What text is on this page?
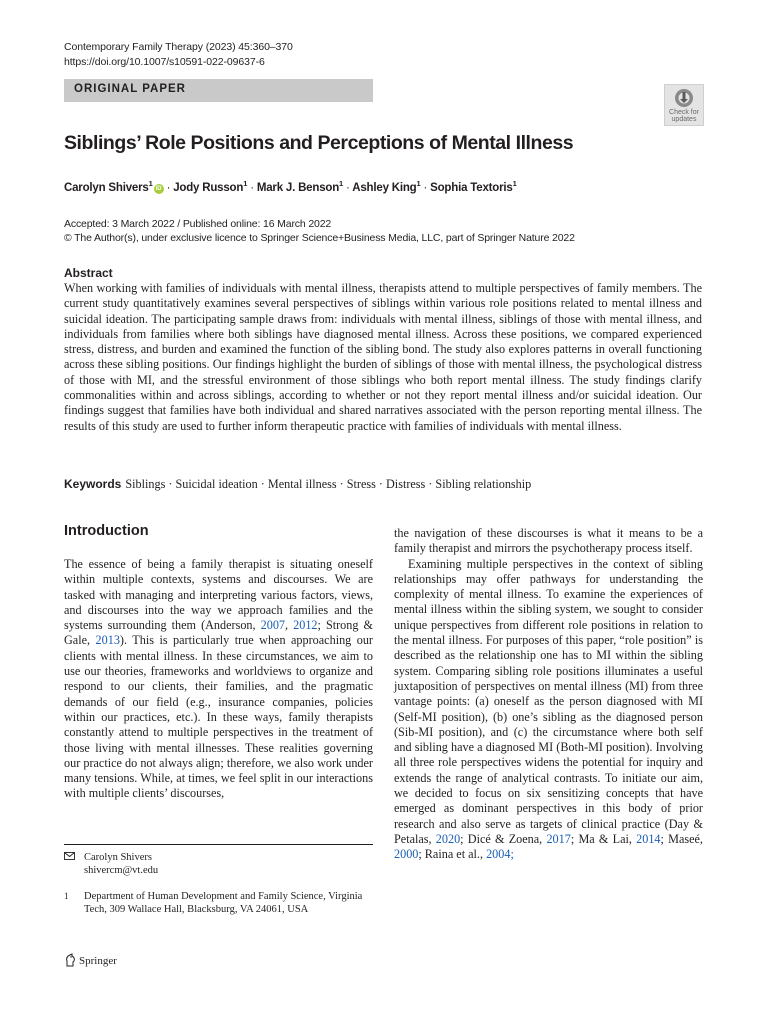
Contemporary Family Therapy (2023) 45:360–370
https://doi.org/10.1007/s10591-022-09637-6
ORIGINAL PAPER
Check for
updates
Siblings’ Role Positions and Perceptions of Mental Illness
Carolyn Shivers$^1$iD · Jody Russon$^1$ · Mark J. Benson$^1$ · Ashley King$^1$ · Sophia Textoris$^1$
Accepted: 3 March 2022 / Published online: 16 March 2022
© The Author(s), under exclusive licence to Springer Science+Business Media, LLC, part of Springer Nature 2022
Abstract

When working with families of individuals with mental illness, therapists attend to multiple perspectives of family members. The current study quantitatively examines several perspectives of siblings within various role positions related to mental illness and suicidal ideation. The participating sample draws from: individuals with mental illness, siblings of those with mental illness, and individuals from families where both siblings have diagnosed mental illness. Across these positions, we compared experienced stress, distress, and burden and examined the function of the sibling bond. The study also explores patterns in overall functioning across these sibling positions. Our findings highlight the burden of siblings of those with mental illness, the psychological distress of those with MI, and the stressful environment of those siblings who both report mental illness. The study findings clarify commonalities within and across siblings, according to whether or not they report mental illness and/or suicidal ideation. Our findings suggest that families have both individual and shared narratives associated with the person reporting mental illness. The results of this study are used to further inform therapeutic practice with families of individuals with mental illness.

Keywords Siblings · Suicidal ideation · Mental illness · Stress · Distress · Sibling relationship
Introduction

The essence of being a family therapist is situating oneself within multiple contexts, systems and discourses. We are tasked with managing and interpreting various factors, views, and discourses into the way we approach families and the systems surrounding them (Anderson, 2007, 2012; Strong & Gale, 2013). This is particularly true when approaching our clients with mental illness. In these circumstances, we aim to use our theories, frameworks and worldviews to organize and respond to our clients, their families, and the pragmatic demands of our field (e.g., insurance companies, policies within our practices, etc.). In these ways, family therapists constantly attend to multiple perspectives in the treatment of those living with mental illnesses. These realities governing our practice do not always align; therefore, we also work under many tensions. While, at times, we feel split in our interactions with multiple clients’ discourses,

the navigation of these discourses is what it means to be a family therapist and mirrors the psychotherapy process itself.

Examining multiple perspectives in the context of sibling relationships may offer pathways for understanding the complexity of mental illness. To examine the experiences of mental illness within the sibling system, we sought to consider unique perspectives from different role positions in relation to the mental illness. For purposes of this paper, “role position” is described as the relationship one has to MI within the sibling system. Comparing sibling role positions illuminates a useful juxtaposition of perspectives on mental illness (MI) from three vantage points: (a) oneself as the person diagnosed with MI (Self-MI position), (b) one’s sibling as the diagnosed person (Sib-MI position), and (c) the circumstance where both self and sibling have a diagnosed MI (Both-MI position). Involving all three role perspectives widens the potential for inquiry and extends the range of analytical contrasts. To initiate our aim, we decided to focus on six sensitizing concepts that have emerged as dominant perspectives in this body of prior research and also serve as targets of clinical practice (Day & Petalas, 2020; Dicé & Zoena, 2017; Ma & Lai, 2014; Maseé, 2000; Raina et al., 2004;

Carolyn Shivers
shivercm@vt.edu
1 Department of Human Development and Family Science, Virginia Tech, 309 Wallace Hall, Blacksburg, VA 24061, USA
Springer
